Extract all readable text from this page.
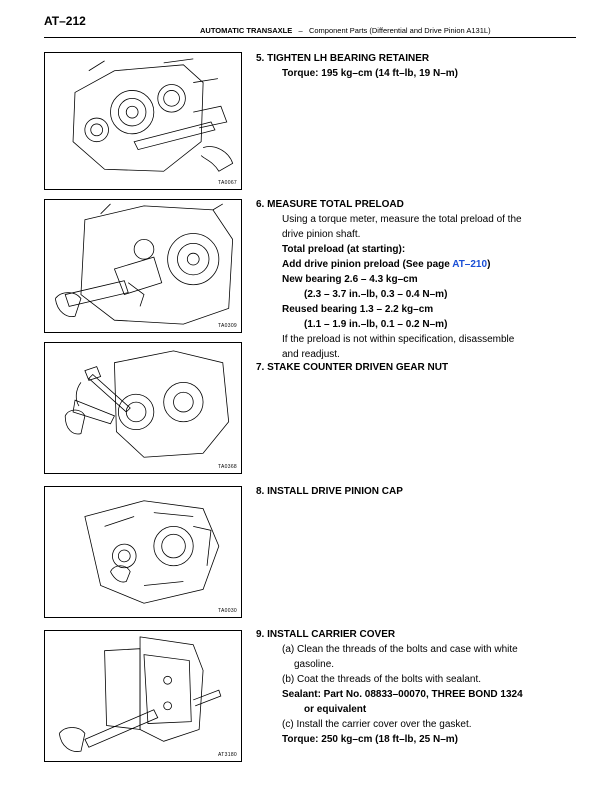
AT–212
AUTOMATIC TRANSAXLE – Component Parts (Differential and Drive Pinion A131L)
TA0067
TA0309
TA0368
TA0030
AT3180
5. TIGHTEN LH BEARING RETAINER
Torque: 195 kg–cm (14 ft–lb, 19 N–m)
6. MEASURE TOTAL PRELOAD
Using a torque meter, measure the total preload of the
drive pinion shaft.
Total preload (at starting):
Add drive pinion preload (See page AT–210)
New bearing 2.6 – 4.3 kg–cm
(2.3 – 3.7 in.–lb, 0.3 – 0.4 N–m)
Reused bearing 1.3 – 2.2 kg–cm
(1.1 – 1.9 in.–lb, 0.1 – 0.2 N–m)
If the preload is not within specification, disassemble
and readjust.
7. STAKE COUNTER DRIVEN GEAR NUT
8. INSTALL DRIVE PINION CAP
9. INSTALL CARRIER COVER
(a) Clean the threads of the bolts and case with white
gasoline.
(b) Coat the threads of the bolts with sealant.
Sealant: Part No. 08833–00070, THREE BOND 1324
or equivalent
(c) Install the carrier cover over the gasket.
Torque: 250 kg–cm (18 ft–lb, 25 N–m)
